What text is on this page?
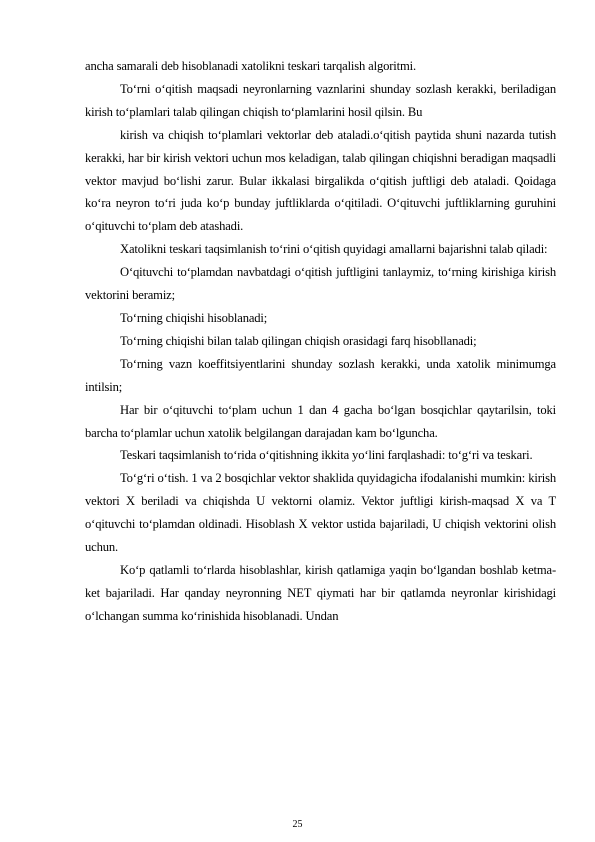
ancha samarali deb hisoblanadi xatolikni teskari tarqalish algoritmi.

To‘rni o‘qitish maqsadi neyronlarning vaznlarini shunday sozlash kerakki, beriladigan kirish to‘plamlari talab qilingan chiqish to‘plamlarini hosil qilsin. Bu

kirish va chiqish to‘plamlari vektorlar deb ataladi.o‘qitish paytida shuni nazarda tutish kerakki, har bir kirish vektori uchun mos keladigan, talab qilingan chiqishni beradigan maqsadli vektor mavjud bo‘lishi zarur. Bular ikkalasi birgalikda o‘qitish juftligi deb ataladi. Qoidaga ko‘ra neyron to‘ri juda ko‘p bunday juftliklarda o‘qitiladi. O‘qituvchi juftliklarning guruhini o‘qituvchi to‘plam deb atashadi.

Xatolikni teskari taqsimlanish to‘rini o‘qitish quyidagi amallarni bajarishni talab qiladi:

O‘qituvchi to‘plamdan navbatdagi o‘qitish juftligini tanlaymiz, to‘rning kirishiga kirish vektorini beramiz;

To‘rning chiqishi hisoblanadi;

To‘rning chiqishi bilan talab qilingan chiqish orasidagi farq hisobllanadi;

To‘rning vazn koeffitsiyentlarini shunday sozlash kerakki, unda xatolik minimumga intilsin;

Har bir o‘qituvchi to‘plam uchun 1 dan 4 gacha bo‘lgan bosqichlar qaytarilsin, toki barcha to‘plamlar uchun xatolik belgilangan darajadan kam bo‘lguncha.

Teskari taqsimlanish to‘rida o‘qitishning ikkita yo‘lini farqlashadi: to‘g‘ri va teskari.

To‘g‘ri o‘tish. 1 va 2 bosqichlar vektor shaklida quyidagicha ifodalanishi mumkin: kirish vektori X beriladi va chiqishda U vektorni olamiz. Vektor juftligi kirish-maqsad X va T o‘qituvchi to‘plamdan oldinadi. Hisoblash X vektor ustida bajariladi, U chiqish vektorini olish uchun.

Ko‘p qatlamli to‘rlarda hisoblashlar, kirish qatlamiga yaqin bo‘lgandan boshlab ketma-ket bajariladi. Har qanday neyronning NET qiymati har bir qatlamda neyronlar kirishidagi o‘lchangan summa ko‘rinishida hisoblanadi. Undan

25
